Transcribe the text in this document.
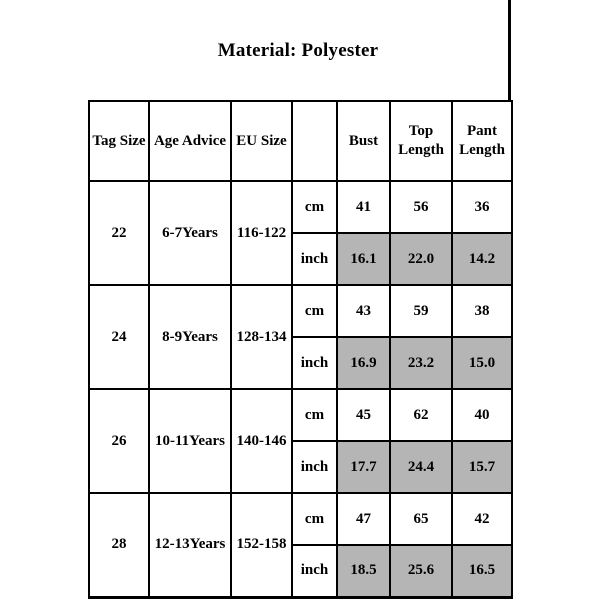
Material: Polyester
Tag Size	Age Advice	EU Size		Bust	Top Length	Pant Length
22	6-7Years	116-122	cm	41	56	36
			inch	16.1	22.0	14.2
24	8-9Years	128-134	cm	43	59	38
			inch	16.9	23.2	15.0
26	10-11Years	140-146	cm	45	62	40
			inch	17.7	24.4	15.7
28	12-13Years	152-158	cm	47	65	42
			inch	18.5	25.6	16.5
